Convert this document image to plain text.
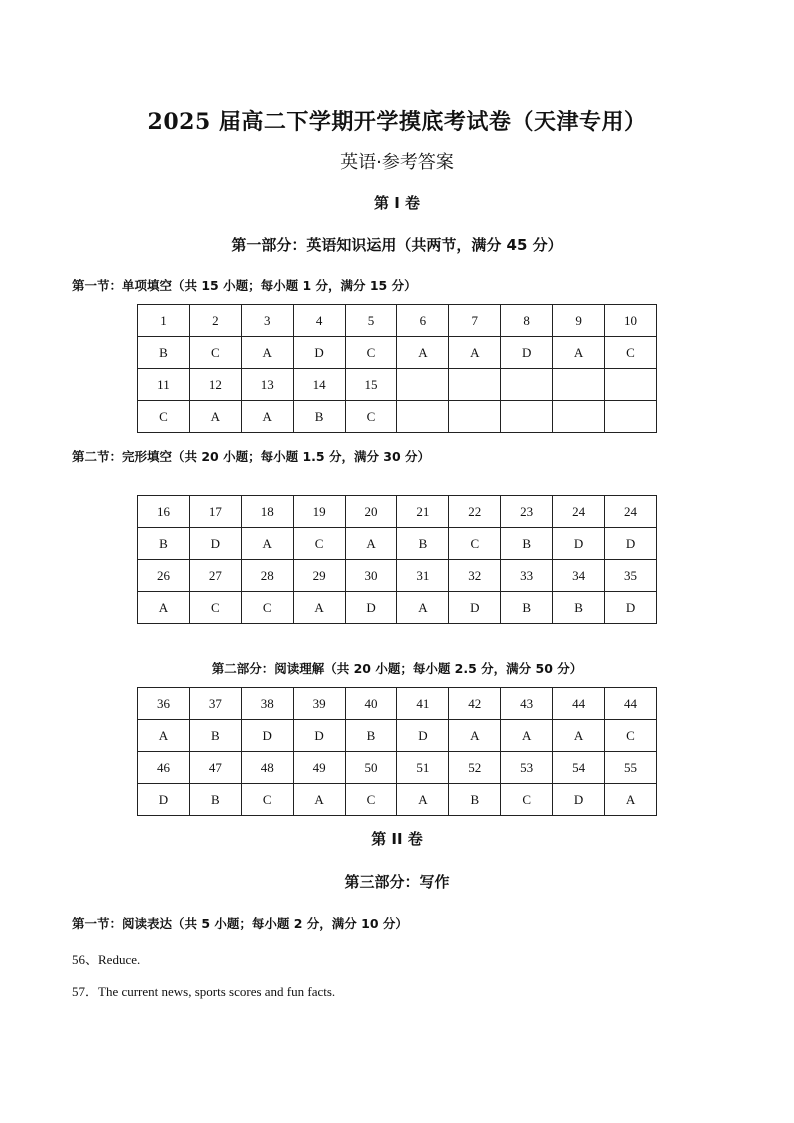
2025 届高二下学期开学摸底考试卷（天津专用）
英语·参考答案
第 I 卷
第一部分：英语知识运用（共两节，满分 45 分）
第一节：单项填空（共 15 小题；每小题 1 分，满分 15 分）
1	2	3	4	5	6	7	8	9	10
B	C	A	D	C	A	A	D	A	C
11	12	13	14	15					
C	A	A	B	C					
第二节：完形填空（共 20 小题；每小题 1.5 分，满分 30 分）
16	17	18	19	20	21	22	23	24	24
B	D	A	C	A	B	C	B	D	D
26	27	28	29	30	31	32	33	34	35
A	C	C	A	D	A	D	B	B	D
第二部分：阅读理解（共 20 小题；每小题 2.5 分，满分 50 分）
36	37	38	39	40	41	42	43	44	44
A	B	D	D	B	D	A	A	A	C
46	47	48	49	50	51	52	53	54	55
D	B	C	A	C	A	B	C	D	A
第 II 卷
第三部分：写作
第一节：阅读表达（共 5 小题；每小题 2 分，满分 10 分）
56、Reduce.
57．The current news, sports scores and fun facts.
